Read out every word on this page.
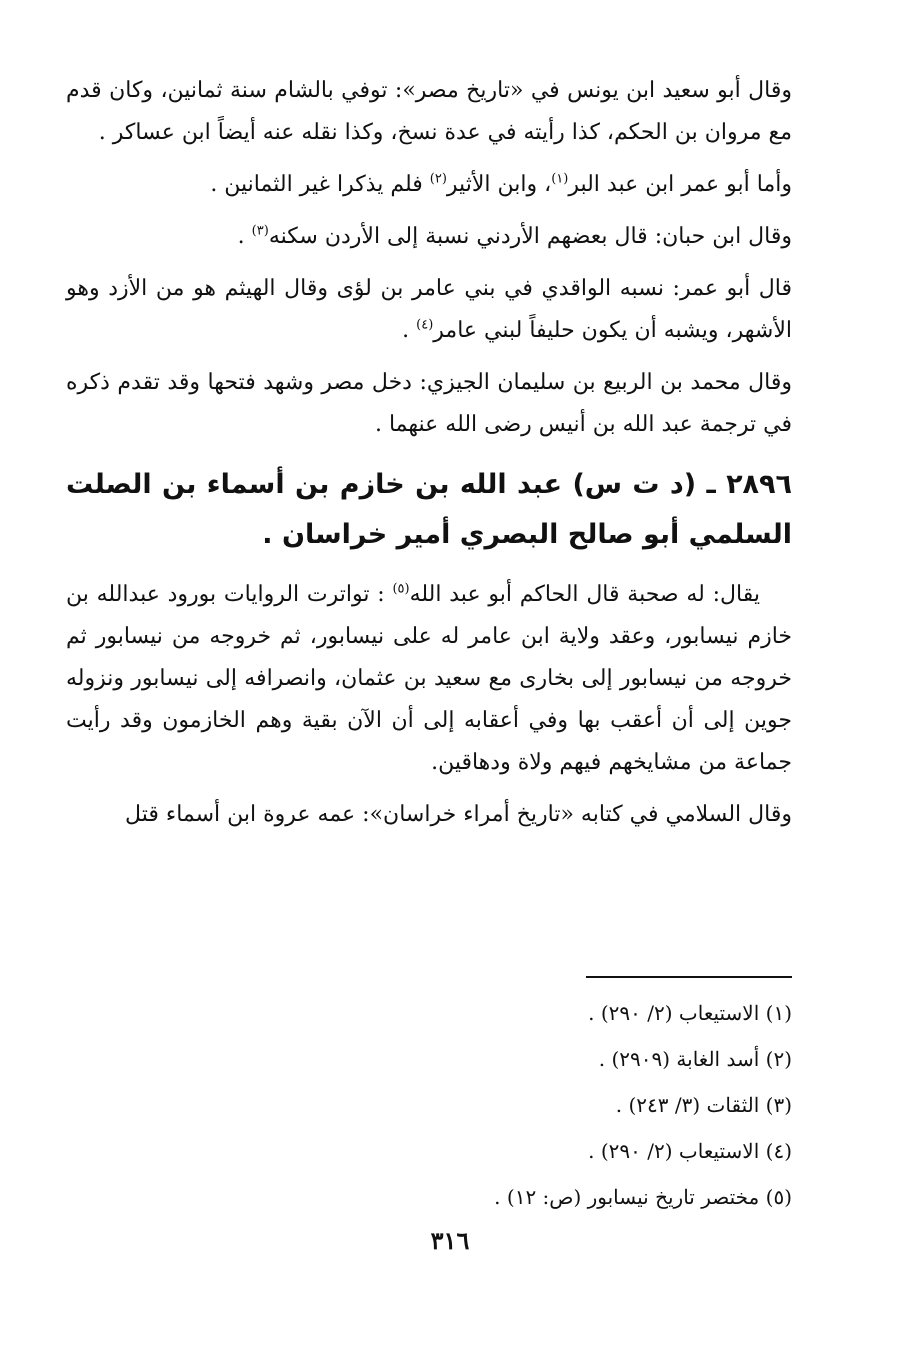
وقال أبو سعيد ابن يونس في «تاريخ مصر»: توفي بالشام سنة ثمانين، وكان قدم مع مروان بن الحكم، كذا رأيته في عدة نسخ، وكذا نقله عنه أيضاً ابن عساكر .

وأما أبو عمر ابن عبد البر$^{(١)}$، وابن الأثير$^{(٢)}$ فلم يذكرا غير الثمانين .

وقال ابن حبان: قال بعضهم الأردني نسبة إلى الأردن سكنه$^{(٣)}$ .

قال أبو عمر: نسبه الواقدي في بني عامر بن لؤى وقال الهيثم هو من الأزد وهو الأشهر، ويشبه أن يكون حليفاً لبني عامر$^{(٤)}$ .

وقال محمد بن الربيع بن سليمان الجيزي: دخل مصر وشهد فتحها وقد تقدم ذكره في ترجمة عبد الله بن أنيس رضى الله عنهما .

٢٨٩٦ ـ (د ت س) عبد الله بن خازم بن أسماء بن الصلت السلمي أبو صالح البصري أمير خراسان .

يقال: له صحبة قال الحاكم أبو عبد الله$^{(٥)}$ : تواترت الروايات بورود عبدالله بن خازم نيسابور، وعقد ولاية ابن عامر له على نيسابور، ثم خروجه من نيسابور ثم خروجه من نيسابور إلى بخارى مع سعيد بن عثمان، وانصرافه إلى نيسابور ونزوله جوين إلى أن أعقب بها وفي أعقابه إلى أن الآن بقية وهم الخازمون وقد رأيت جماعة من مشايخهم فيهم ولاة ودهاقين.

وقال السلامي في كتابه «تاريخ أمراء خراسان»: عمه عروة ابن أسماء قتل

(١) الاستيعاب (٢/ ٢٩٠) .
(٢) أسد الغابة (٢٩٠٩) .
(٣) الثقات (٣/ ٢٤٣) .
(٤) الاستيعاب (٢/ ٢٩٠) .
(٥) مختصر تاريخ نيسابور (ص: ١٢) .
٣١٦
